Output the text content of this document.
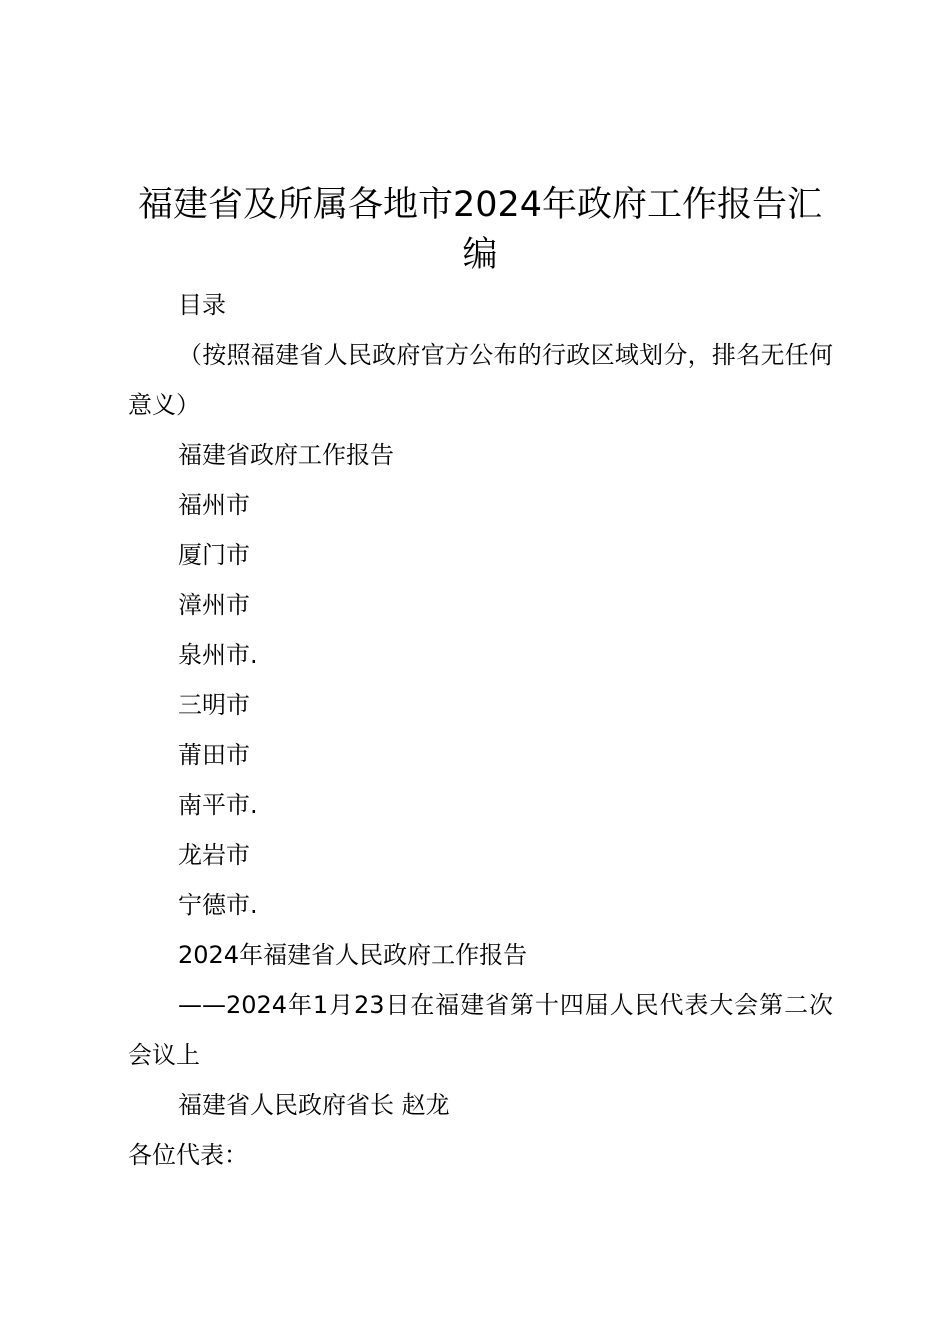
福建省及所属各地市2024年政府工作报告汇编

目录

（按照福建省人民政府官方公布的行政区域划分，排名无任何意义）

福建省政府工作报告

福州市

厦门市

漳州市

泉州市.

三明市

莆田市

南平市.

龙岩市

宁德市.

2024年福建省人民政府工作报告

——2024年1月23日在福建省第十四届人民代表大会第二次会议上

福建省人民政府省长 赵龙

各位代表：
